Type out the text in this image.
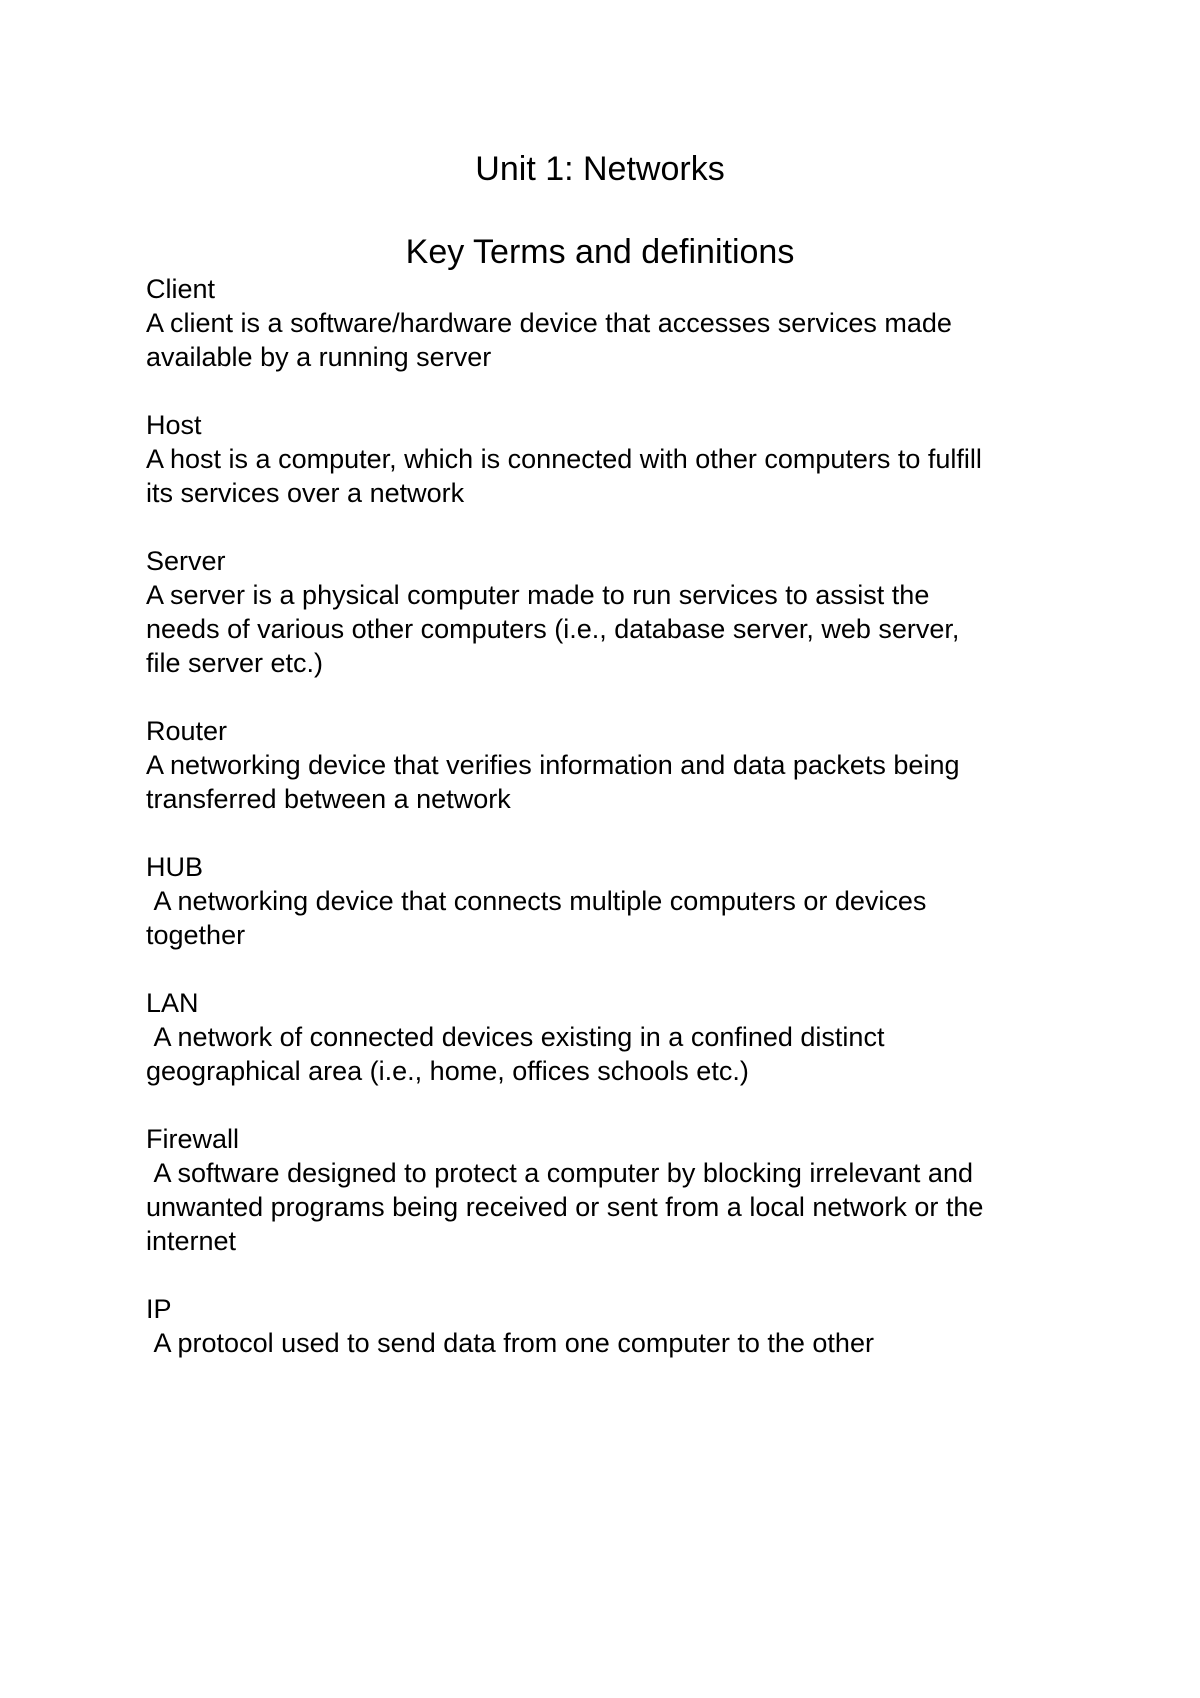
Unit 1: Networks
Key Terms and definitions

Client

A client is a software/hardware device that accesses services made
available by a running server

Host

A host is a computer, which is connected with other computers to fulfill
its services over a network

Server

A server is a physical computer made to run services to assist the
needs of various other computers (i.e., database server, web server,
file server etc.)

Router

A networking device that verifies information and data packets being
transferred between a network

HUB

A networking device that connects multiple computers or devices
together

LAN

A network of connected devices existing in a confined distinct
geographical area (i.e., home, offices schools etc.)

Firewall

A software designed to protect a computer by blocking irrelevant and
unwanted programs being received or sent from a local network or the
internet

IP

A protocol used to send data from one computer to the other
